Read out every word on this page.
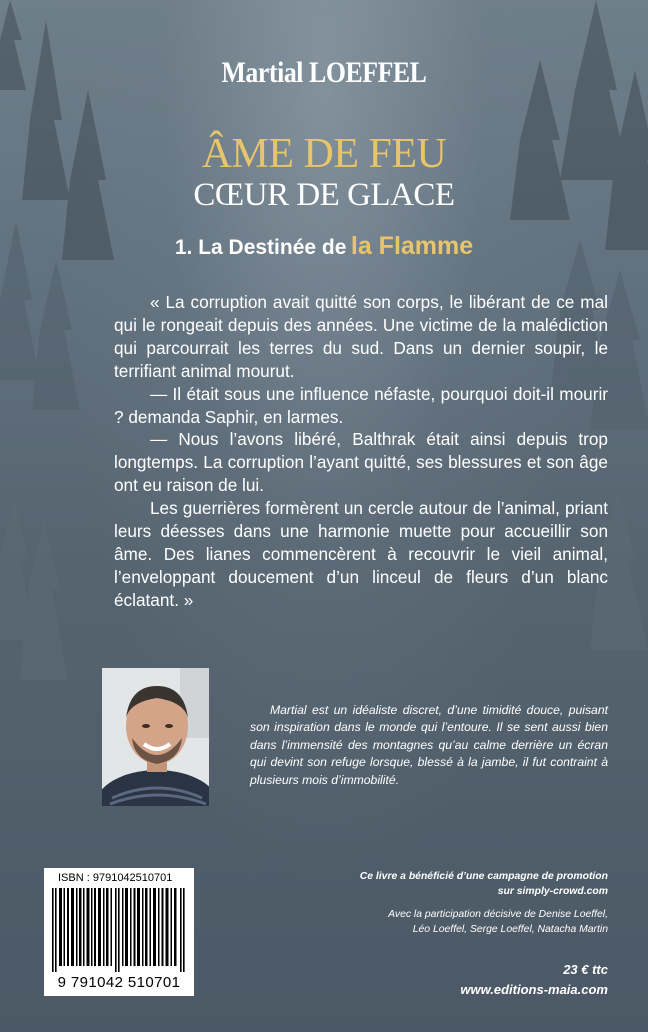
Martial LOEFFEL
ÂME DE FEU
CŒUR DE GLACE
1. La Destinée de la Flamme

« La corruption avait quitté son corps, le libérant de ce mal qui le rongeait depuis des années. Une victime de la malédiction qui parcourrait les terres du sud. Dans un dernier soupir, le terrifiant animal mourut.

— Il était sous une influence néfaste, pourquoi doit-il mourir ? demanda Saphir, en larmes.

— Nous l’avons libéré, Balthrak était ainsi depuis trop longtemps. La corruption l’ayant quitté, ses blessures et son âge ont eu raison de lui.

Les guerrières formèrent un cercle autour de l’animal, priant leurs déesses dans une harmonie muette pour accueillir son âme. Des lianes commencèrent à recouvrir le vieil animal, l’enveloppant doucement d’un linceul de fleurs d’un blanc éclatant. »

Martial est un idéaliste discret, d’une timidité douce, puisant son inspiration dans le monde qui l’entoure. Il se sent aussi bien dans l’immensité des montagnes qu’au calme derrière un écran qui devint son refuge lorsque, blessé à la jambe, il fut contraint à plusieurs mois d’immobilité.

ISBN : 9791042510701
9 791042 510701
Ce livre a bénéficié d’une campagne de promotion
sur simply-crowd.com
Avec la participation décisive de Denise Loeffel,
Léo Loeffel, Serge Loeffel, Natacha Martin
23 € ttc
www.editions-maia.com
